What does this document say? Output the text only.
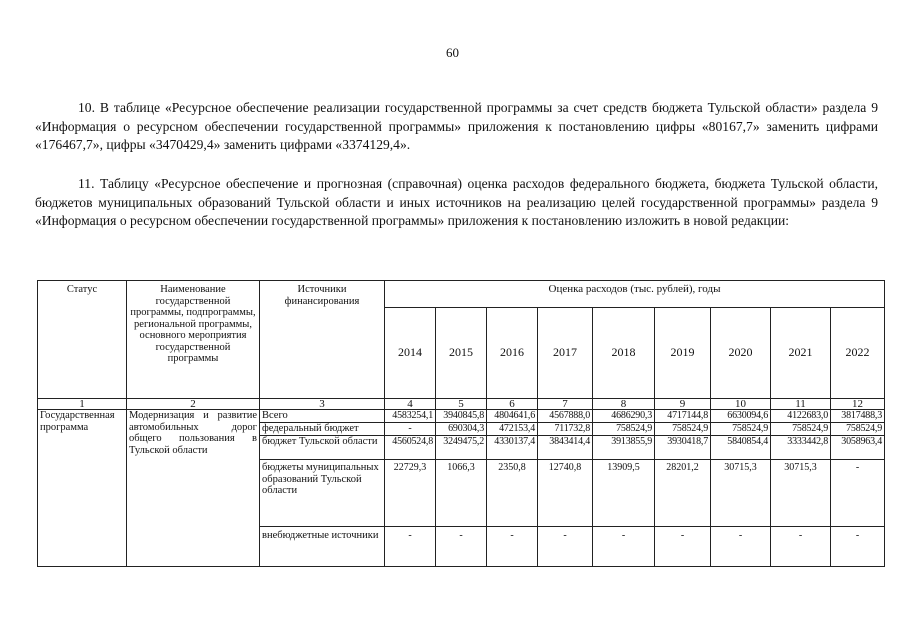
60
10. В таблице «Ресурсное обеспечение реализации государственной программы за счет средств бюджета Тульской области» раздела 9 «Информация о ресурсном обеспечении государственной программы» приложения к постановлению цифры «80167,7» заменить цифрами «176467,7», цифры «3470429,4» заменить цифрами «3374129,4».
11. Таблицу «Ресурсное обеспечение и прогнозная (справочная) оценка расходов федерального бюджета, бюджета Тульской области, бюджетов муниципальных образований Тульской области и иных источников на реализацию целей государственной программы» раздела 9 «Информация о ресурсном обеспечении государственной программы» приложения к постановлению изложить в новой редакции:
Статус	Наименование государственной программы, подпрограммы, региональной программы, основного мероприятия государственной программы	Источники финансирования	Оценка расходов (тыс. рублей), годы								
			2014	2015	2016	2017	2018	2019	2020	2021	2022
1	2	3	4	5	6	7	8	9	10	11	12
Государственная программа	Модернизация и развитие автомобильных дорог общего пользования в Тульской области	Всего	4583254,1	3940845,8	4804641,6	4567888,0	4686290,3	4717144,8	6630094,6	4122683,0	3817488,3
		федеральный бюджет	-	690304,3	472153,4	711732,8	758524,9	758524,9	758524,9	758524,9	758524,9
		бюджет Тульской области	4560524,8	3249475,2	4330137,4	3843414,4	3913855,9	3930418,7	5840854,4	3333442,8	3058963,4
		бюджеты муниципальных образований Тульской области	22729,3	1066,3	2350,8	12740,8	13909,5	28201,2	30715,3	30715,3	-
		внебюджетные источники	-	-	-	-	-	-	-	-	-
